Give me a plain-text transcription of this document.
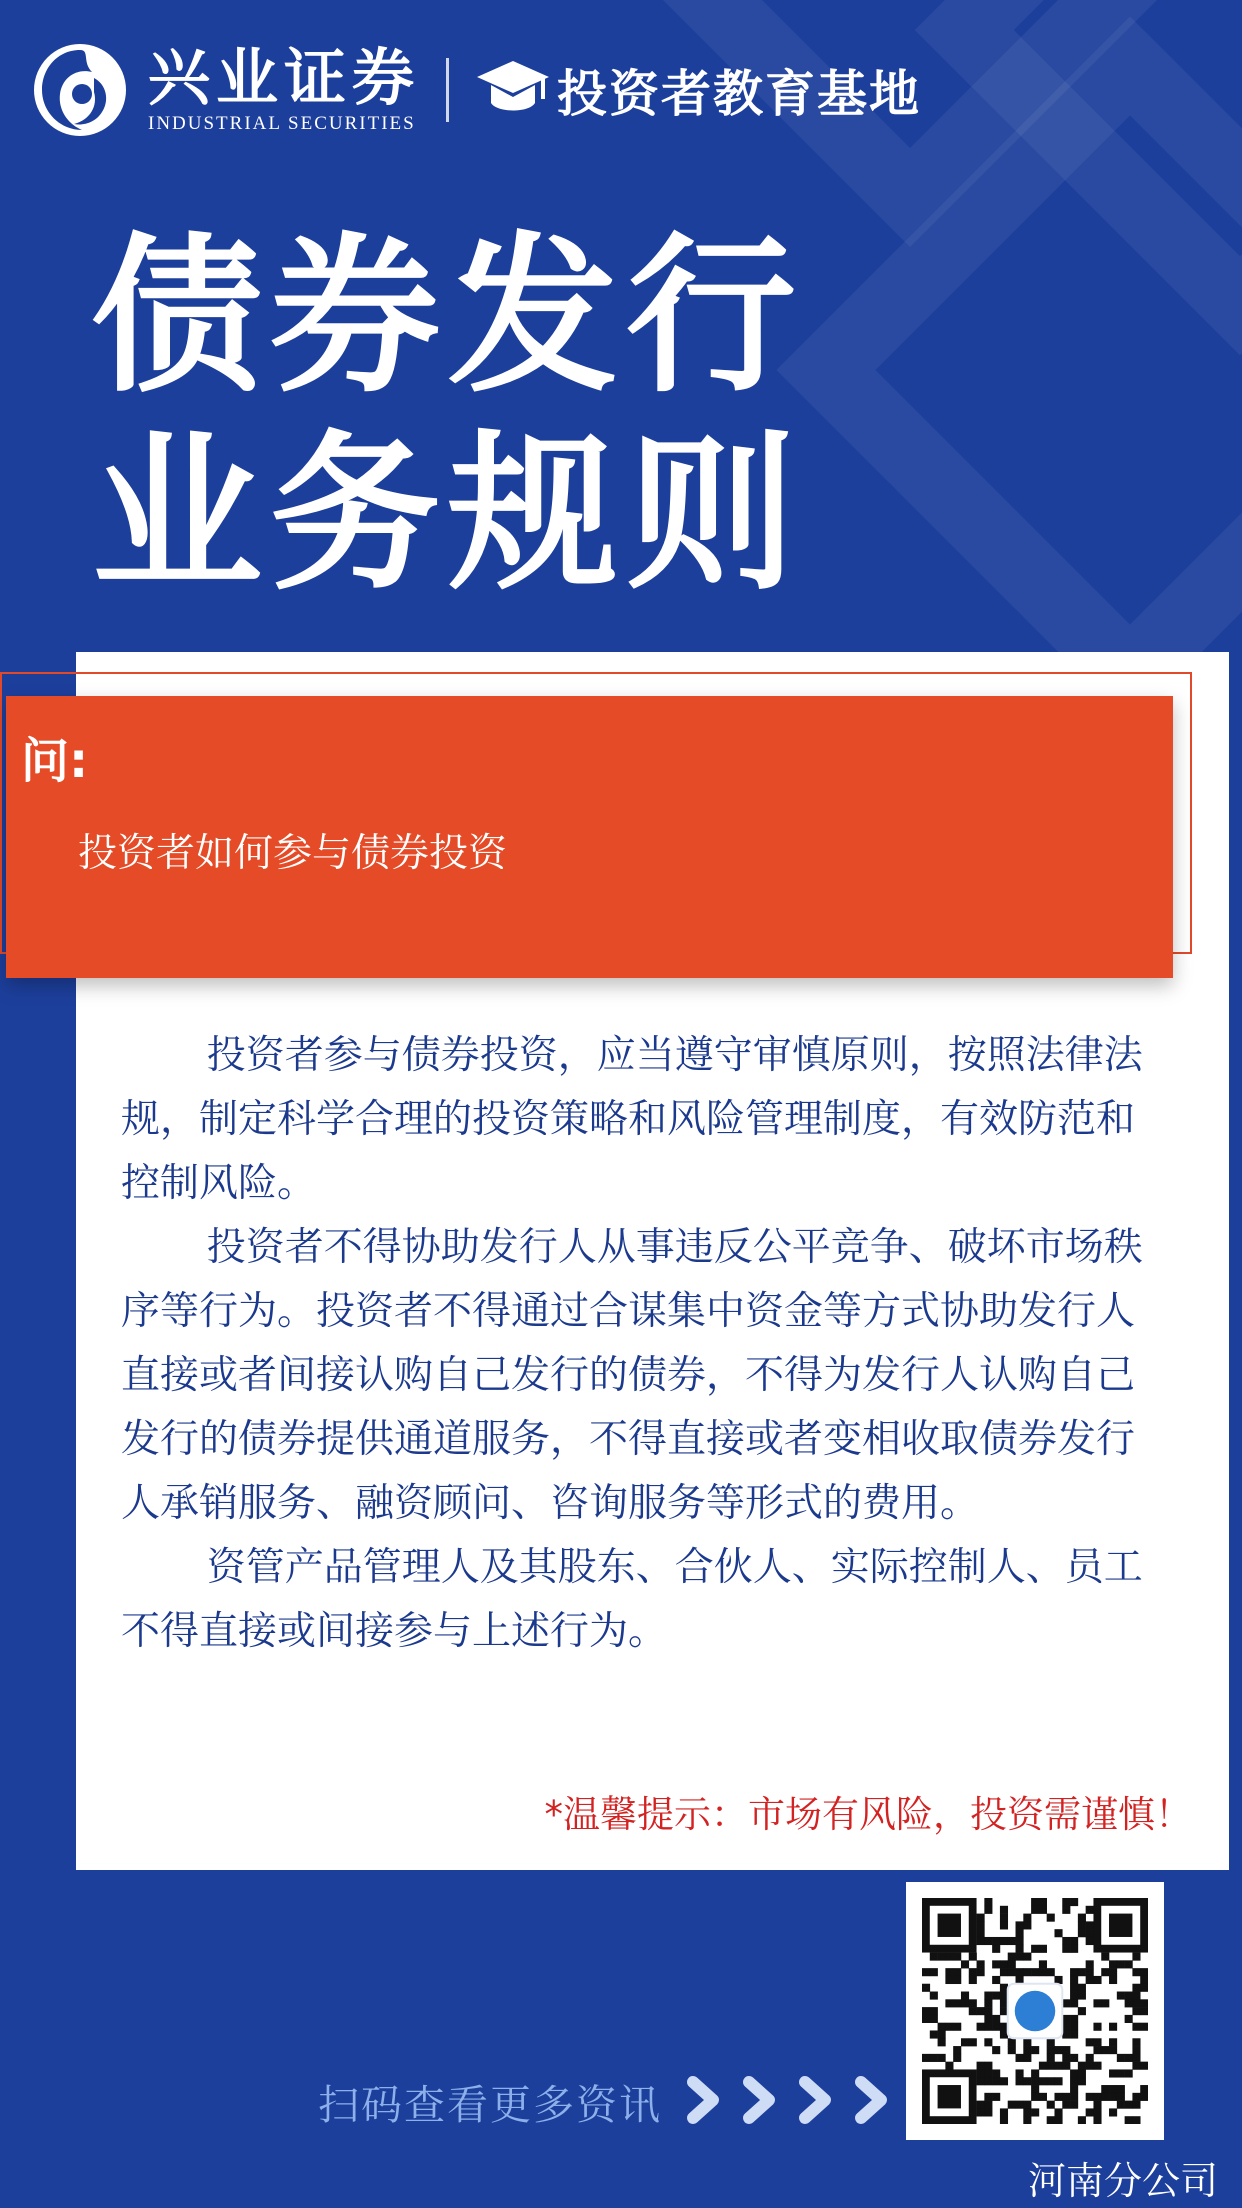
兴业证券
INDUSTRIAL SECURITIES
投资者教育基地
债券发行
业务规则
问:
投资者如何参与债券投资

投资者参与债券投资，应当遵守审慎原则，按照法律法规，制定科学合理的投资策略和风险管理制度，有效防范和控制风险。

投资者不得协助发行人从事违反公平竞争、破坏市场秩序等行为。投资者不得通过合谋集中资金等方式协助发行人直接或者间接认购自己发行的债券，不得为发行人认购自己发行的债券提供通道服务，不得直接或者变相收取债券发行人承销服务、融资顾问、咨询服务等形式的费用。

资管产品管理人及其股东、合伙人、实际控制人、员工不得直接或间接参与上述行为。

*温馨提示：市场有风险，投资需谨慎！
扫码查看更多资讯
河南分公司
